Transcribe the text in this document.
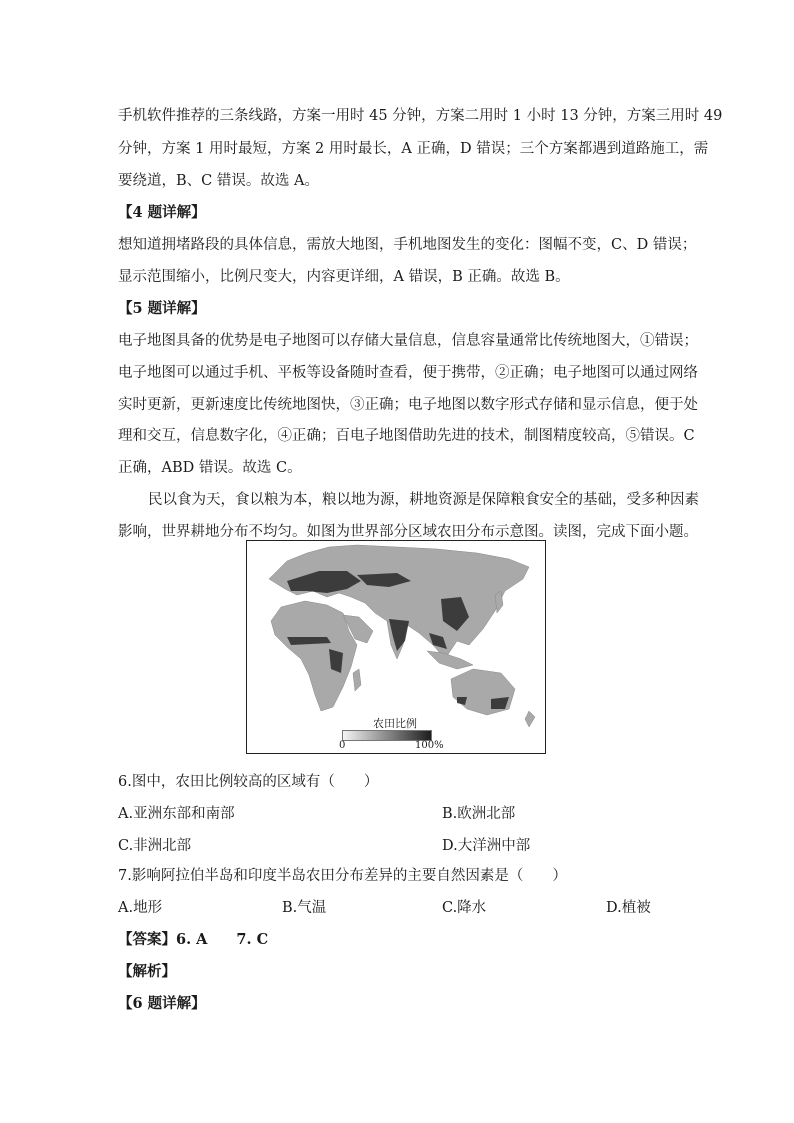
手机软件推荐的三条线路，方案一用时 45 分钟，方案二用时 1 小时 13 分钟，方案三用时 49
分钟，方案 1 用时最短，方案 2 用时最长，A 正确，D 错误；三个方案都遇到道路施工，需
要绕道，B、C 错误。故选 A。
【4 题详解】
想知道拥堵路段的具体信息，需放大地图，手机地图发生的变化：图幅不变，C、D 错误；
显示范围缩小，比例尺变大，内容更详细，A 错误，B 正确。故选 B。
【5 题详解】
电子地图具备的优势是电子地图可以存储大量信息，信息容量通常比传统地图大，①错误；
电子地图可以通过手机、平板等设备随时查看，便于携带，②正确；电子地图可以通过网络
实时更新，更新速度比传统地图快，③正确；电子地图以数字形式存储和显示信息，便于处
理和交互，信息数字化，④正确；百电子地图借助先进的技术，制图精度较高，⑤错误。C
正确，ABD 错误。故选 C。
民以食为天，食以粮为本，粮以地为源，耕地资源是保障粮食安全的基础，受多种因素
影响，世界耕地分布不均匀。如图为世界部分区域农田分布示意图。读图，完成下面小题。
农田比例
0	100%
6.图中，农田比例较高的区域有（　　）
A.亚洲东部和南部	B.欧洲北部
C.非洲北部	D.大洋洲中部
7.影响阿拉伯半岛和印度半岛农田分布差异的主要自然因素是（　　）
A.地形	B.气温	C.降水	D.植被
【答案】6. A　　7. C
【解析】
【6 题详解】
